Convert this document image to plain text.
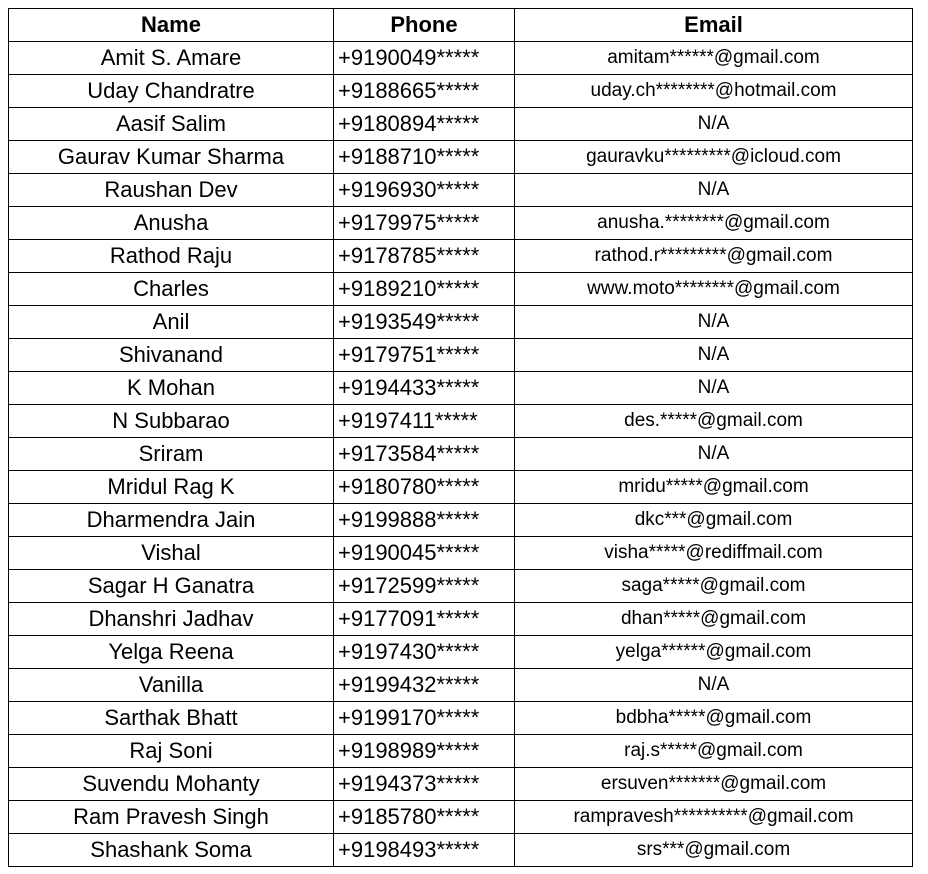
Name	Phone	Email
Amit S. Amare	+9190049*****	amitam******@gmail.com
Uday Chandratre	+9188665*****	uday.ch********@hotmail.com
Aasif Salim	+9180894*****	N/A
Gaurav Kumar Sharma	+9188710*****	gauravku*********@icloud.com
Raushan Dev	+9196930*****	N/A
Anusha	+9179975*****	anusha.********@gmail.com
Rathod Raju	+9178785*****	rathod.r*********@gmail.com
Charles	+9189210*****	www.moto********@gmail.com
Anil	+9193549*****	N/A
Shivanand	+9179751*****	N/A
K Mohan	+9194433*****	N/A
N Subbarao	+9197411*****	des.*****@gmail.com
Sriram	+9173584*****	N/A
Mridul Rag K	+9180780*****	mridu*****@gmail.com
Dharmendra Jain	+9199888*****	dkc***@gmail.com
Vishal	+9190045*****	visha*****@rediffmail.com
Sagar H Ganatra	+9172599*****	saga*****@gmail.com
Dhanshri Jadhav	+9177091*****	dhan*****@gmail.com
Yelga Reena	+9197430*****	yelga******@gmail.com
Vanilla	+9199432*****	N/A
Sarthak Bhatt	+9199170*****	bdbha*****@gmail.com
Raj Soni	+9198989*****	raj.s*****@gmail.com
Suvendu Mohanty	+9194373*****	ersuven*******@gmail.com
Ram Pravesh Singh	+9185780*****	rampravesh**********@gmail.com
Shashank Soma	+9198493*****	srs***@gmail.com
